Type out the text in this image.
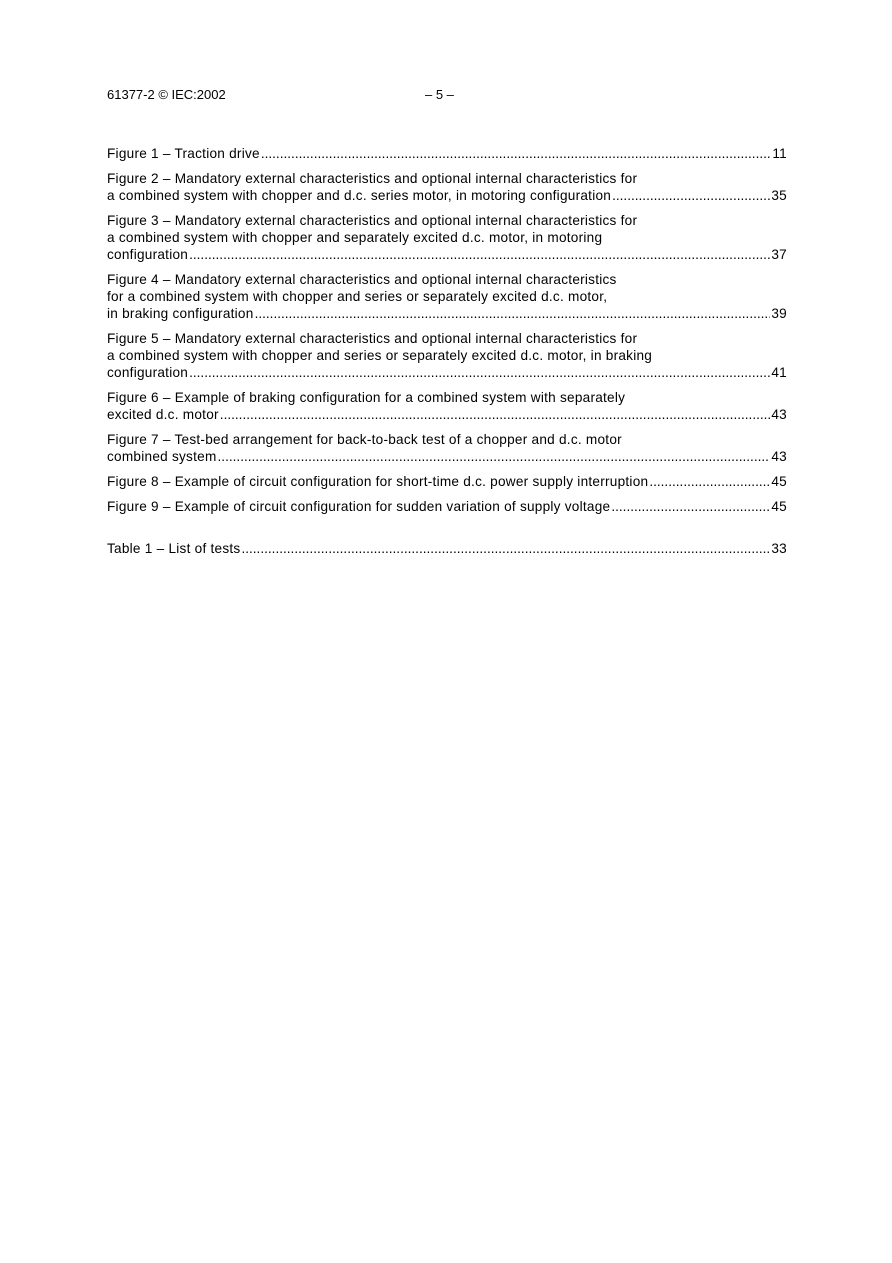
61377-2 © IEC:2002	– 5 –
Figure 1 – Traction drive .....	11
Figure 2 – Mandatory external characteristics and optional internal characteristics for
a combined system with chopper and d.c. series motor, in motoring configuration .....	35
Figure 3 – Mandatory external characteristics and optional internal characteristics for
a combined system with chopper and separately excited d.c. motor, in motoring
configuration .....	37
Figure 4 – Mandatory external characteristics and optional internal characteristics
for a combined system with chopper and series or separately excited d.c. motor,
in braking configuration .....	39
Figure 5 – Mandatory external characteristics and optional internal characteristics for
a combined system with chopper and series or separately excited d.c. motor, in braking
configuration .....	41
Figure 6 – Example of braking configuration for a combined system with separately
excited d.c. motor .....	43
Figure 7 – Test-bed arrangement for back-to-back test of a chopper and d.c. motor
combined system .....	43
Figure 8 – Example of circuit configuration for short-time d.c. power supply interruption .....	45
Figure 9 – Example of circuit configuration for sudden variation of supply voltage .....	45
Table 1 – List of tests .....	33
